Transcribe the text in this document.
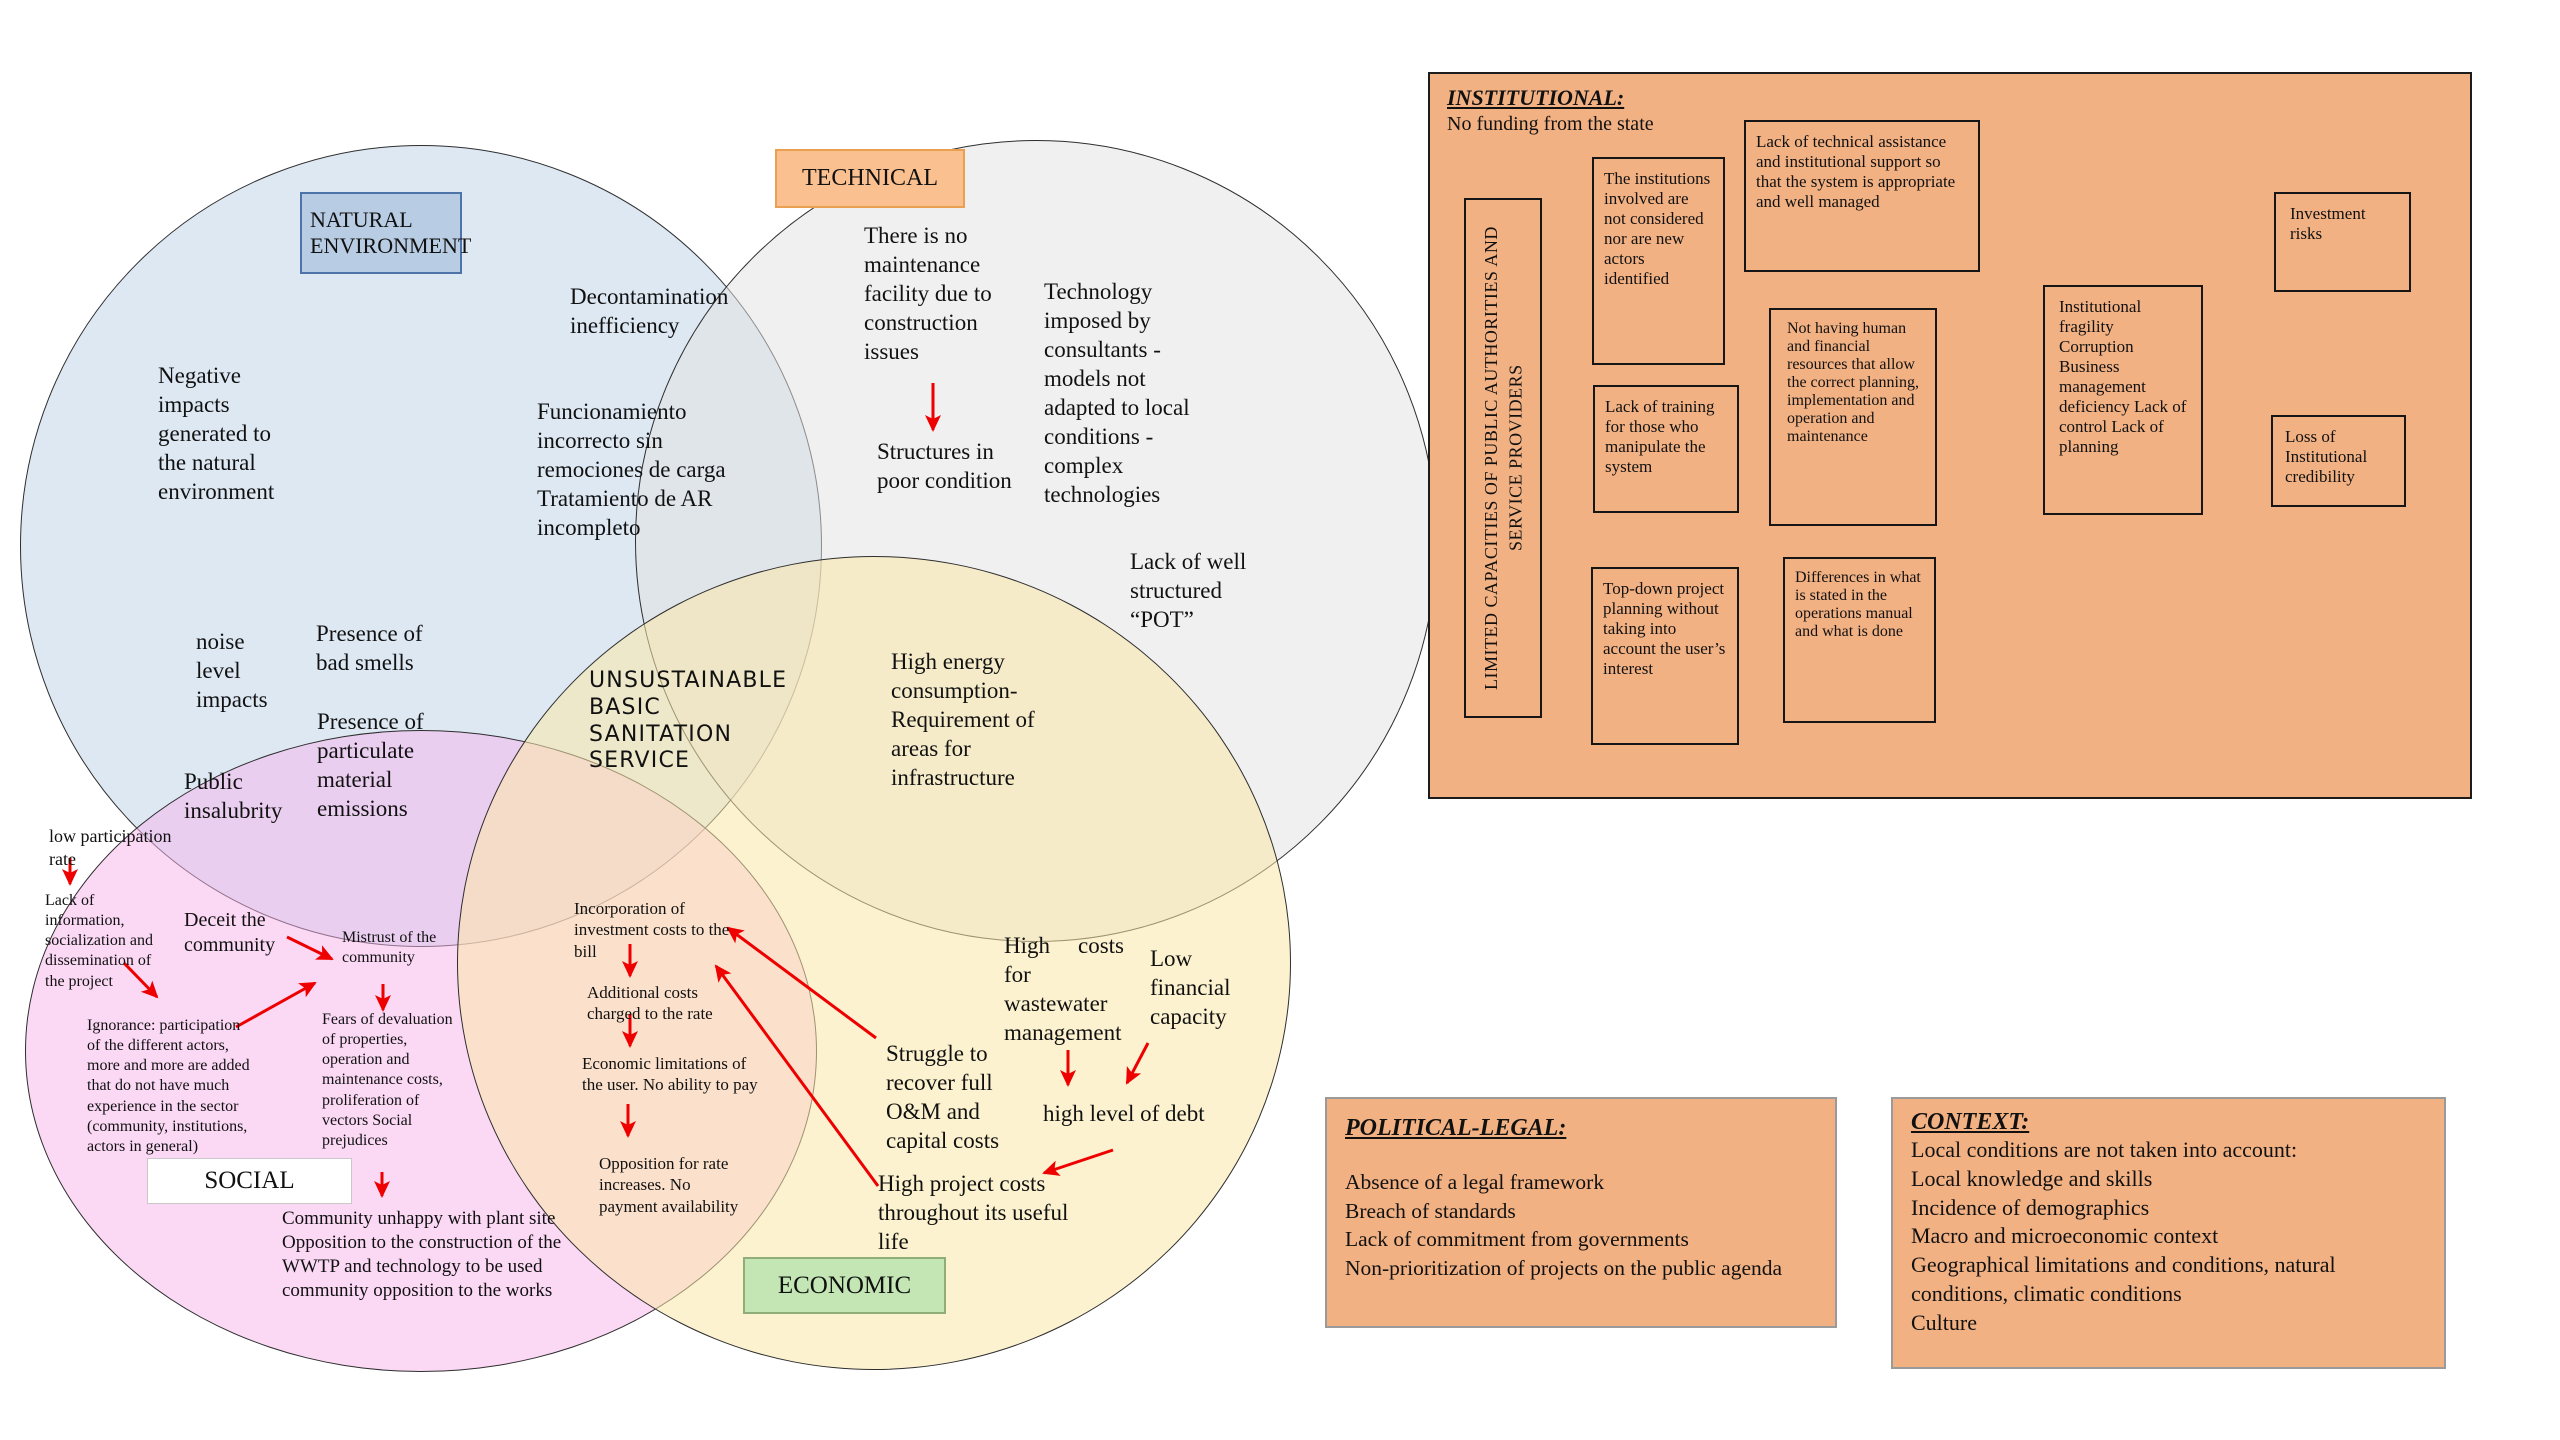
NATURAL ENVIRONMENT
TECHNICAL
SOCIAL
ECONOMIC
Negative impacts generated to the natural environment
Decontamination inefficiency
Funcionamiento incorrecto sin remociones de carga Tratamiento de AR incompleto
There is no maintenance facility due to construction issues
Structures in poor condition
Technology imposed by consultants - models not adapted to local conditions - complex technologies
Lack of well structured “POT”
noise level impacts
Presence of bad smells
Presence of particulate material emissions
Public insalubrity
UNSUSTAINABLE BASIC SANITATION SERVICE
High energy consumption- Requirement of areas for infrastructure
High costs for wastewater management
Low financial capacity
high level of debt
Struggle to recover full O&M and capital costs
High project costs throughout its useful life
Incorporation of investment costs to the bill
Additional costs charged to the rate
Economic limitations of the user. No ability to pay
Opposition for rate increases. No payment availability
low participation rate
Lack of information, socialization and dissemination of the project
Deceit the community
Ignorance: participation of the different actors, more and more are added that do not have much experience in the sector (community, institutions, actors in general)
Mistrust of the community
Fears of devaluation of properties, operation and maintenance costs, proliferation of vectors Social prejudices
Community unhappy with plant site Opposition to the construction of the WWTP and technology to be used community opposition to the works
INSTITUTIONAL:
No funding from the state
LIMITED CAPACITIES OF PUBLIC AUTHORITIES AND SERVICE PROVIDERS
The institutions involved are not considered nor are new actors identified
Lack of technical assistance and institutional support so that the system is appropriate and well managed
Not having human and financial resources that allow the correct planning, implementation and operation and maintenance
Lack of training for those who manipulate the system
Top-down project planning without taking into account the user’s interest
Differences in what is stated in the operations manual and what is done
Institutional fragility Corruption Business management deficiency Lack of control Lack of planning
Investment risks
Loss of Institutional credibility
POLITICAL-LEGAL:
Absence of a legal framework
Breach of standards
Lack of commitment from governments
Non-prioritization of projects on the public agenda
CONTEXT:
Local conditions are not taken into account:
Local knowledge and skills
Incidence of demographics
Macro and microeconomic context
Geographical limitations and conditions, natural conditions, climatic conditions
Culture
